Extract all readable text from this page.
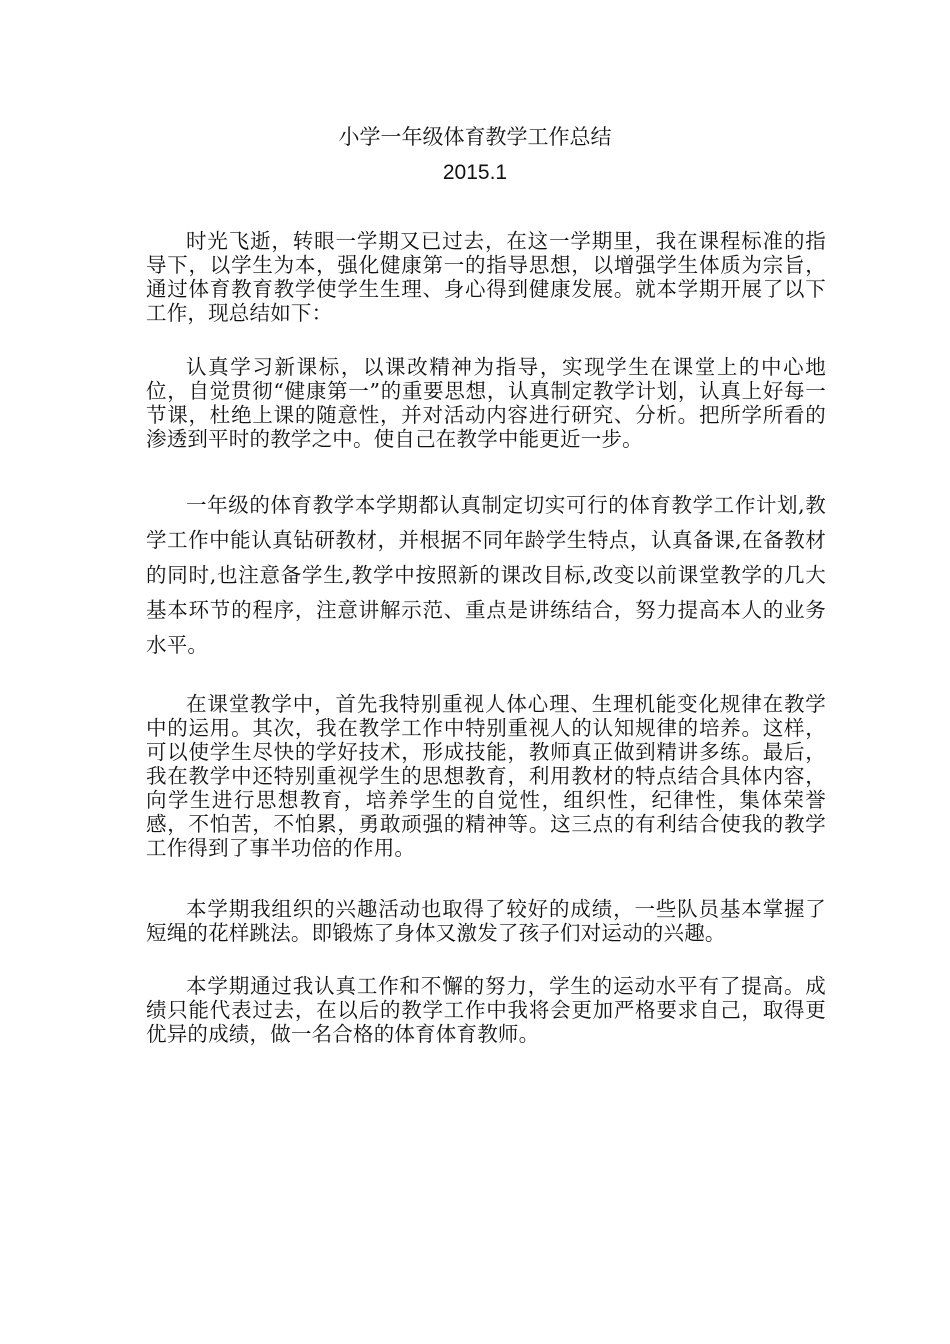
小学一年级体育教学工作总结
2015.1

时光飞逝，转眼一学期又已过去，在这一学期里，我在课程标准的指导下，以学生为本，强化健康第一的指导思想，以增强学生体质为宗旨，通过体育教育教学使学生生理、身心得到健康发展。就本学期开展了以下工作，现总结如下：

认真学习新课标，以课改精神为指导，实现学生在课堂上的中心地位，自觉贯彻“健康第一”的重要思想，认真制定教学计划，认真上好每一节课，杜绝上课的随意性，并对活动内容进行研究、分析。把所学所看的渗透到平时的教学之中。使自己在教学中能更近一步。

一年级的体育教学本学期都认真制定切实可行的体育教学工作计划,教学工作中能认真钻研教材，并根据不同年龄学生特点，认真备课,在备教材 的同时,也注意备学生,教学中按照新的课改目标,改变以前课堂教学的几大基本环节的程序，注意讲解示范、重点是讲练结合，努力提高本人的业务水平。

在课堂教学中，首先我特别重视人体心理、生理机能变化规律在教学中的运用。其次，我在教学工作中特别重视人的认知规律的培养。这样，可以使学生尽快的学好技术，形成技能，教师真正做到精讲多练。最后，我在教学中还特别重视学生的思想教育，利用教材的特点结合具体内容，向学生进行思想教育，培养学生的自觉性，组织性，纪律性，集体荣誉感，不怕苦，不怕累，勇敢顽强的精神等。这三点的有利结合使我的教学工作得到了事半功倍的作用。

本学期我组织的兴趣活动也取得了较好的成绩，一些队员基本掌握了短绳的花样跳法。即锻炼了身体又激发了孩子们对运动的兴趣。

本学期通过我认真工作和不懈的努力，学生的运动水平有了提高。成绩只能代表过去，在以后的教学工作中我将会更加严格要求自己，取得更优异的成绩，做一名合格的体育体育教师。
